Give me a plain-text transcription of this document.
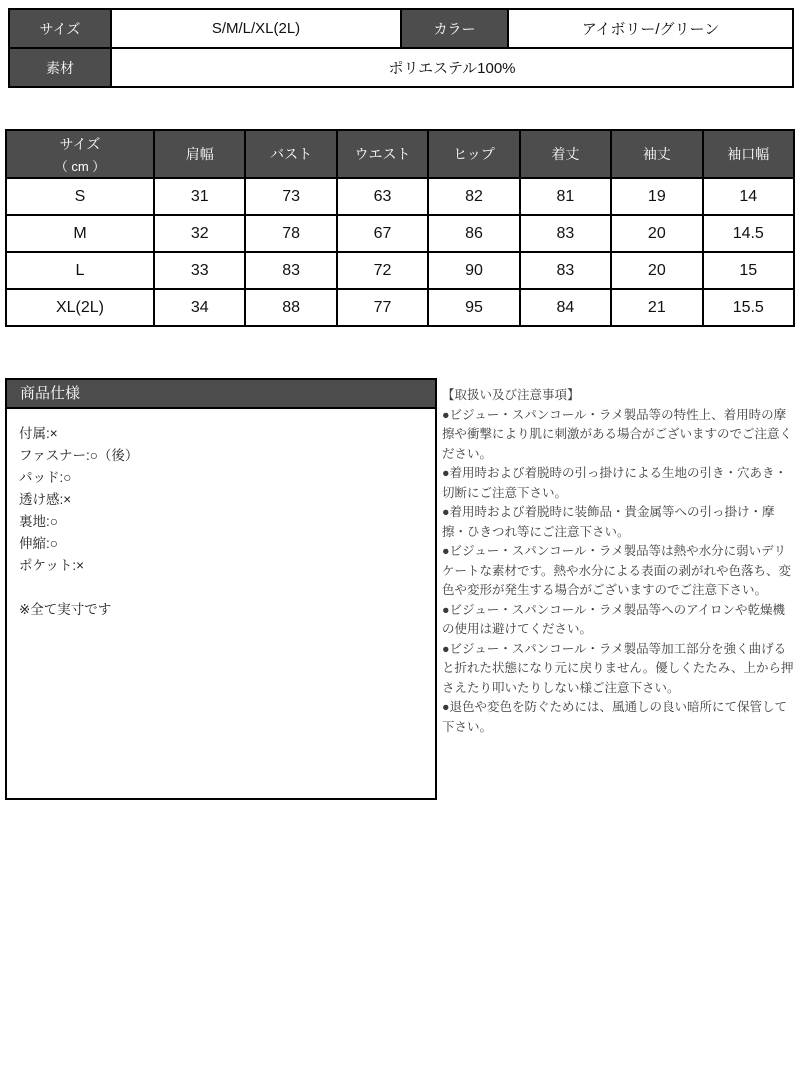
サイズ	S/M/L/XL(2L)	カラー	アイボリー/グリーン
素材	ポリエステル100%		
サイズ
（ cm ）	肩幅	バスト	ウエスト	ヒップ	着丈	袖丈	袖口幅
S	31	73	63	82	81	19	14
M	32	78	67	86	83	20	14.5
L	33	83	72	90	83	20	15
XL(2L)	34	88	77	95	84	21	15.5
商品仕様
付属:×
ファスナー:○（後）
パッド:○
透け感:×
裏地:○
伸縮:○
ポケット:×
※全て実寸です

【取扱い及び注意事項】

●ビジュー・スパンコール・ラメ製品等の特性上、着用時の摩擦や衝撃により肌に刺激がある場合がございますのでご注意ください。

●着用時および着脱時の引っ掛けによる生地の引き・穴あき・切断にご注意下さい。

●着用時および着脱時に装飾品・貴金属等への引っ掛け・摩擦・ひきつれ等にご注意下さい。

●ビジュー・スパンコール・ラメ製品等は熱や水分に弱いデリケートな素材です。熱や水分による表面の剥がれや色落ち、変色や変形が発生する場合がございますのでご注意下さい。

●ビジュー・スパンコール・ラメ製品等へのアイロンや乾燥機の使用は避けてください。

●ビジュー・スパンコール・ラメ製品等加工部分を強く曲げると折れた状態になり元に戻りません。優しくたたみ、上から押さえたり叩いたりしない様ご注意下さい。

●退色や変色を防ぐためには、風通しの良い暗所にて保管して下さい。
